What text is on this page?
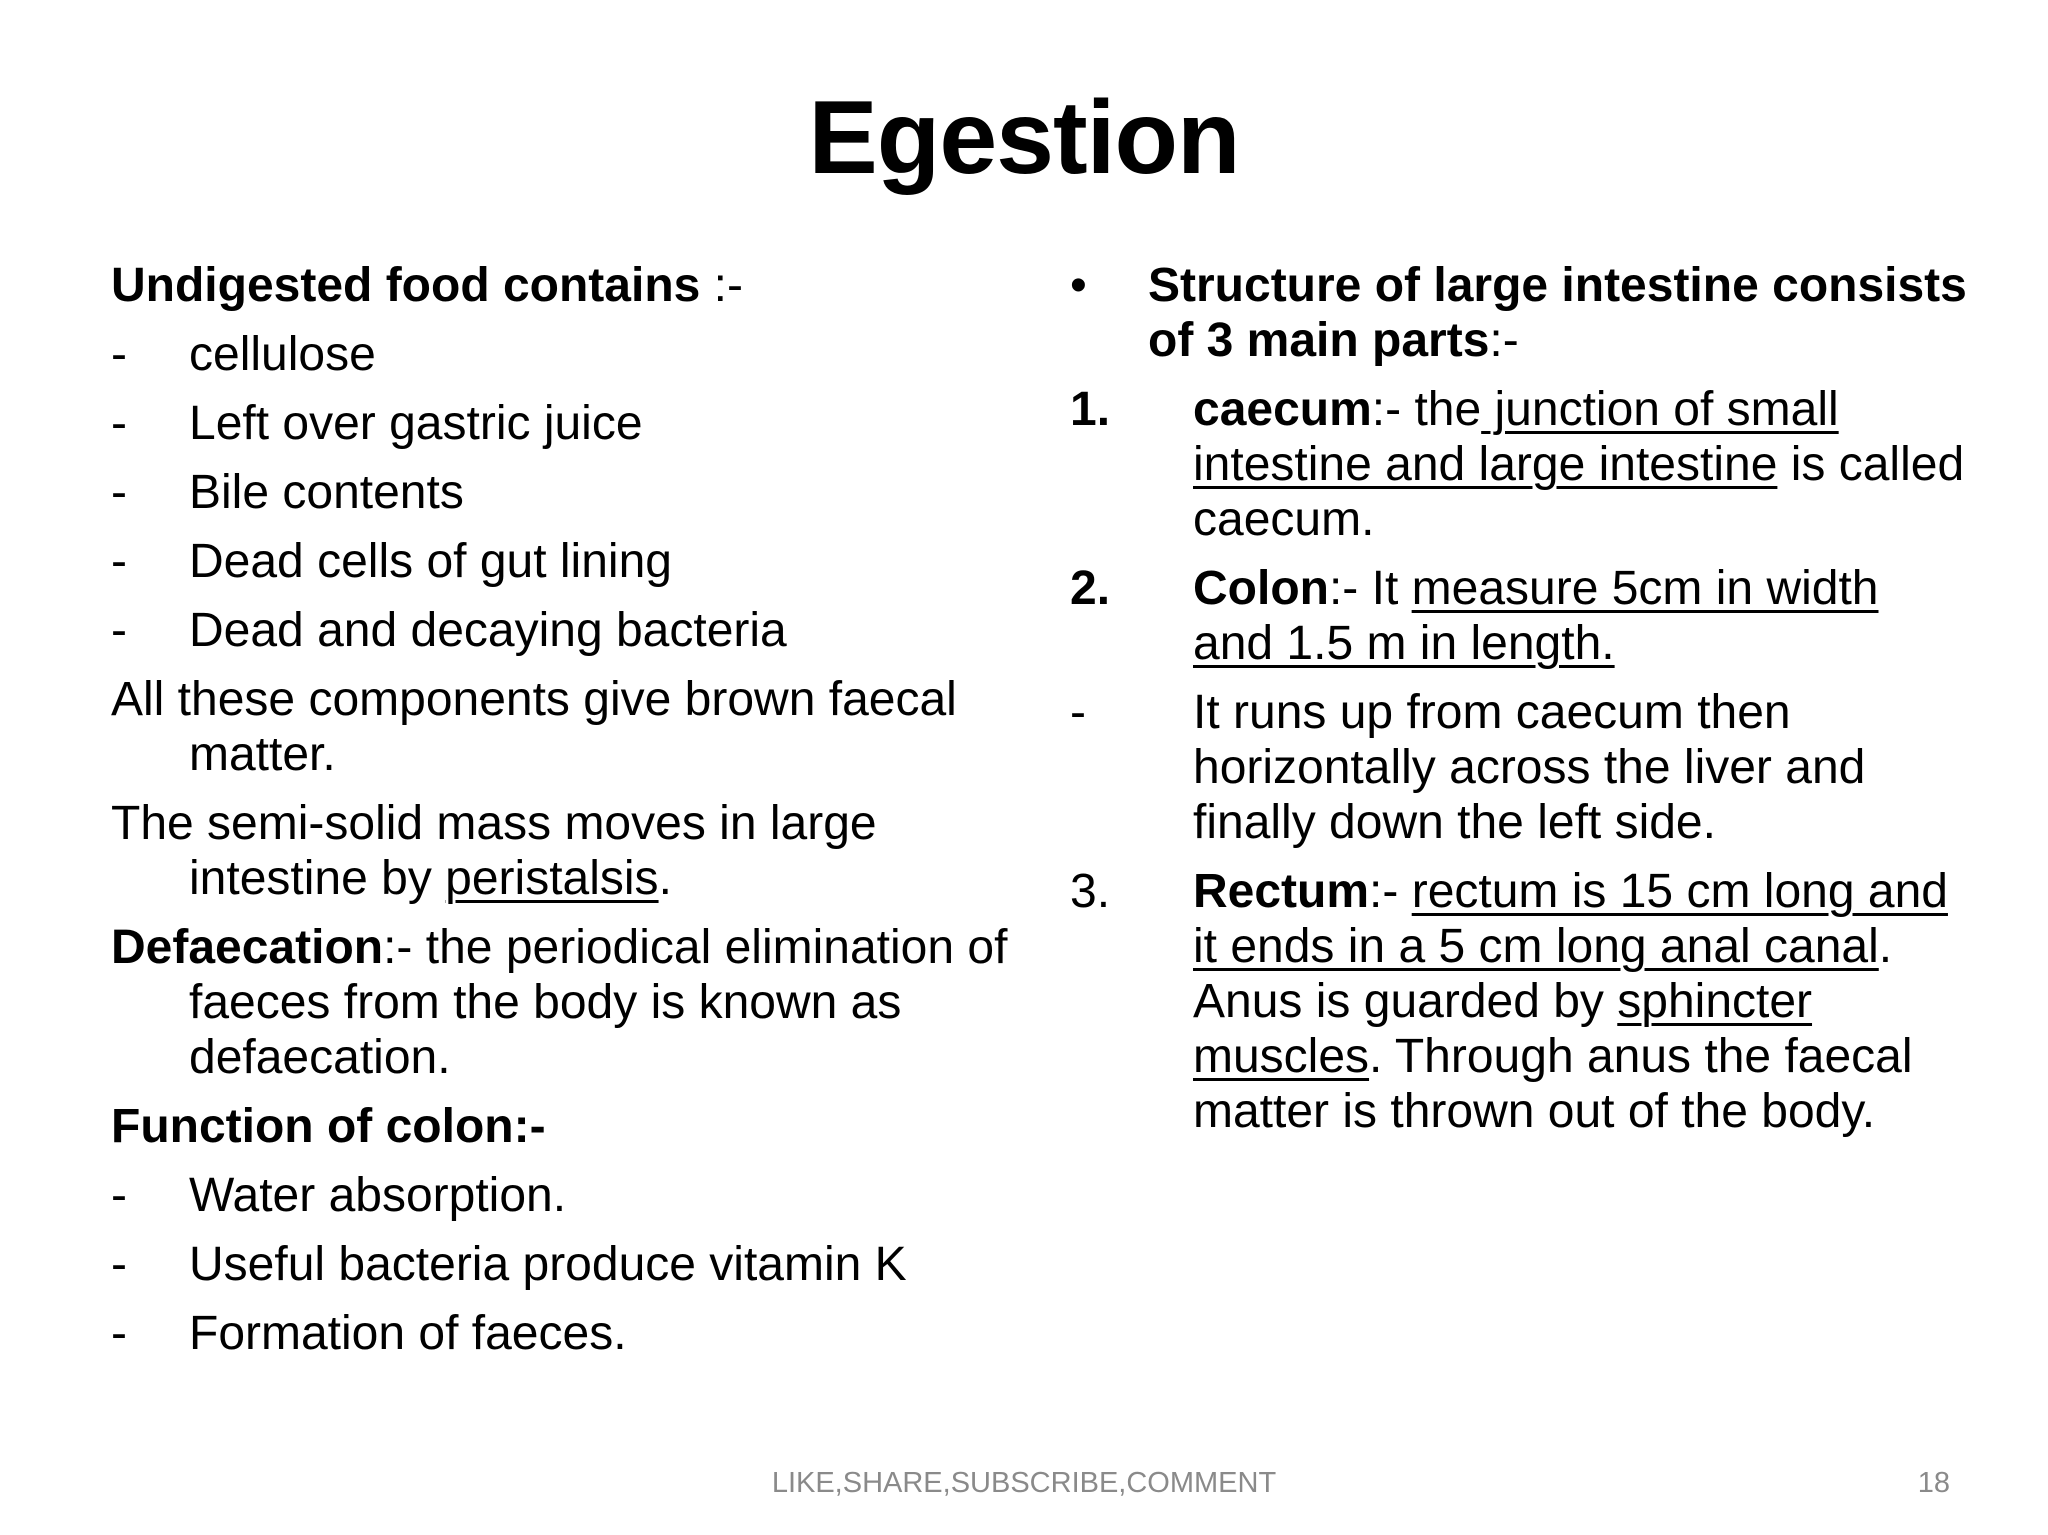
Egestion
Undigested food contains :-
-	cellulose
-	Left over gastric juice
-	Bile contents
-	Dead cells of gut lining
-	Dead and decaying bacteria
All these components give brown faecal matter.
The semi-solid mass moves in large intestine by peristalsis.
Defaecation:- the periodical elimination of faeces from the body is known as defaecation.
Function of colon:-
-	Water absorption.
-	Useful bacteria produce vitamin K
-	Formation of faeces.
•	Structure of large intestine consists of 3 main parts:-
1.	caecum:- the junction of small intestine and large intestine is called caecum.
2.	Colon:- It measure 5cm in width and 1.5 m in length.
-	It runs up from caecum then horizontally across the liver and finally down the left side.
3.	Rectum:- rectum is 15 cm long and it ends in a 5 cm long anal canal. Anus is guarded by sphincter muscles. Through anus the faecal matter is thrown out of the body.
LIKE,SHARE,SUBSCRIBE,COMMENT	18
